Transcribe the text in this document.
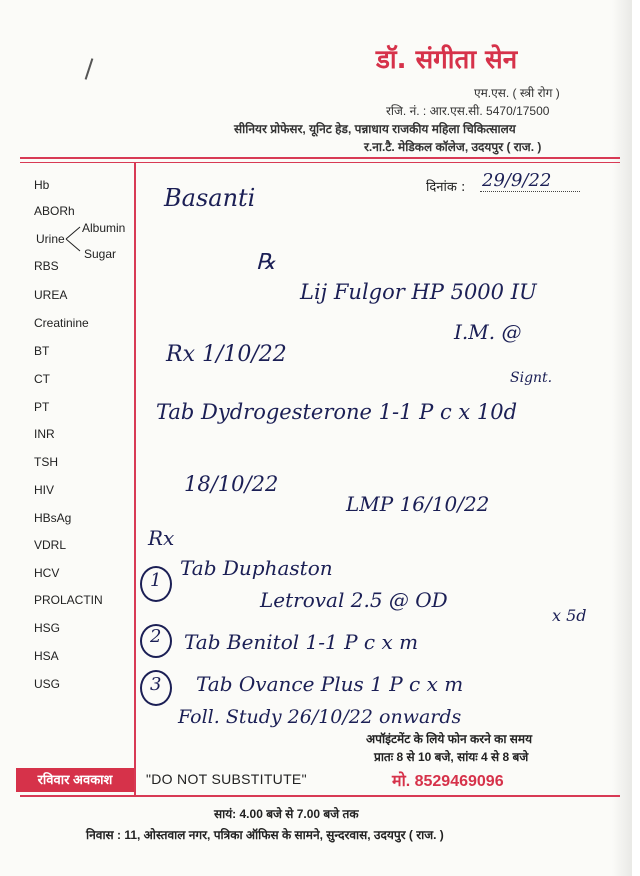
डॉ. संगीता सेन
एम.एस. ( स्त्री रोग )
रजि. नं. : आर.एस.सी. 5470/17500
सीनियर प्रोफेसर, यूनिट हेड, पन्नाधाय राजकीय महिला चिकित्सालय
र.ना.टै. मेडिकल कॉलेज, उदयपुर ( राज. )
Hb
ABORh
RBS
UREA
Creatinine
BT
CT
PT
INR
TSH
HIV
HBsAg
VDRL
HCV
PROLACTIN
HSG
HSA
USG
Urine
Albumin
Sugar
दिनांक : 29/9/22
Basanti
℞
Lij Fulgor HP 5000 IU
I.M. @
Rx 1/10/22
Signt.
Tab Dydrogesterone 1-1 P c x 10d
18/10/22
LMP 16/10/22
Rx
1
Tab Duphaston
Letroval 2.5 @ OD
x 5d
2 Tab Benitol 1-1 P c x m
3 Tab Ovance Plus 1 P c x m
Foll. Study 26/10/22 onwards
अपॉइंटमेंट के लिये फोन करने का समय
प्रातः 8 से 10 बजे, सांयः 4 से 8 बजे
मो. 8529469096
रविवार अवकाश	"DO NOT SUBSTITUTE"
सायं: 4.00 बजे से 7.00 बजे तक
निवास : 11, ओस्तवाल नगर, पत्रिका ऑफिस के सामने, सुन्दरवास, उदयपुर ( राज. )
